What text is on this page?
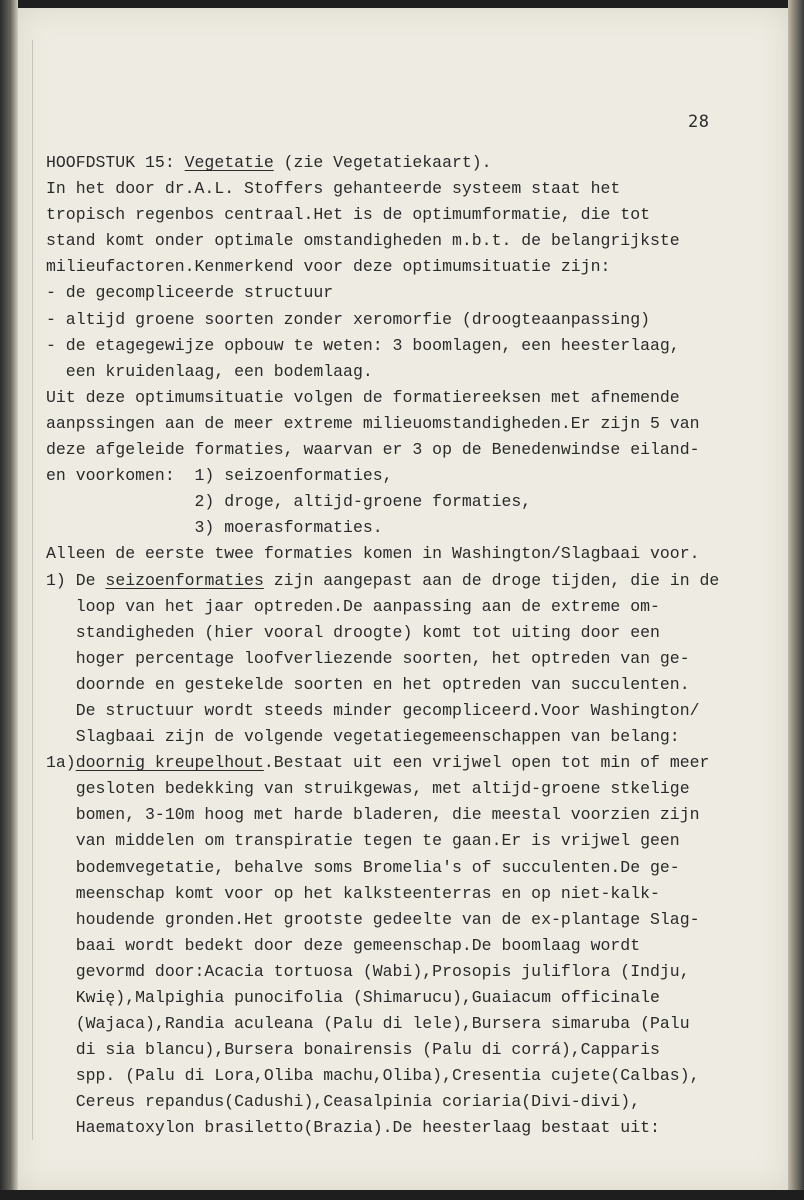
28
HOOFDSTUK 15: Vegetatie (zie Vegetatiekaart).
In het door dr.A.L. Stoffers gehanteerde systeem staat het
tropisch regenbos centraal.Het is de optimumformatie, die tot
stand komt onder optimale omstandigheden m.b.t. de belangrijkste
milieufactoren.Kenmerkend voor deze optimumsituatie zijn:
- de gecompliceerde structuur
- altijd groene soorten zonder xeromorfie (droogteaanpassing)
- de etagegewijze opbouw te weten: 3 boomlagen, een heesterlaag,
een kruidenlaag, een bodemlaag.
Uit deze optimumsituatie volgen de formatiereeksen met afnemende
aanpssingen aan de meer extreme milieuomstandigheden.Er zijn 5 van
deze afgeleide formaties, waarvan er 3 op de Benedenwindse eiland-
en voorkomen:  1) seizoenformaties,
2) droge, altijd-groene formaties,
3) moerasformaties.
Alleen de eerste twee formaties komen in Washington/Slagbaai voor.
1) De seizoenformaties zijn aangepast aan de droge tijden, die in de
loop van het jaar optreden.De aanpassing aan de extreme om-
standigheden (hier vooral droogte) komt tot uiting door een
hoger percentage loofverliezende soorten, het optreden van ge-
doornde en gestekelde soorten en het optreden van succulenten.
De structuur wordt steeds minder gecompliceerd.Voor Washington/
Slagbaai zijn de volgende vegetatiegemeenschappen van belang:
1a)doornig kreupelhout.Bestaat uit een vrijwel open tot min of meer
gesloten bedekking van struikgewas, met altijd-groene stkelige
bomen, 3-10m hoog met harde bladeren, die meestal voorzien zijn
van middelen om transpiratie tegen te gaan.Er is vrijwel geen
bodemvegetatie, behalve soms Bromelia's of succulenten.De ge-
meenschap komt voor op het kalksteenterras en op niet-kalk-
houdende gronden.Het grootste gedeelte van de ex-plantage Slag-
baai wordt bedekt door deze gemeenschap.De boomlaag wordt
gevormd door:Acacia tortuosa (Wabi),Prosopis juliflora (Indju,
Kwię),Malpighia punocifolia (Shimarucu),Guaiacum officinale
(Wajaca),Randia aculeana (Palu di lele),Bursera simaruba (Palu
di sia blancu),Bursera bonairensis (Palu di corrá),Capparis
spp. (Palu di Lora,Oliba machu,Oliba),Cresentia cujete(Calbas),
Cereus repandus(Cadushi),Ceasalpinia coriaria(Divi-divi),
Haematoxylon brasiletto(Brazia).De heesterlaag bestaat uit:
